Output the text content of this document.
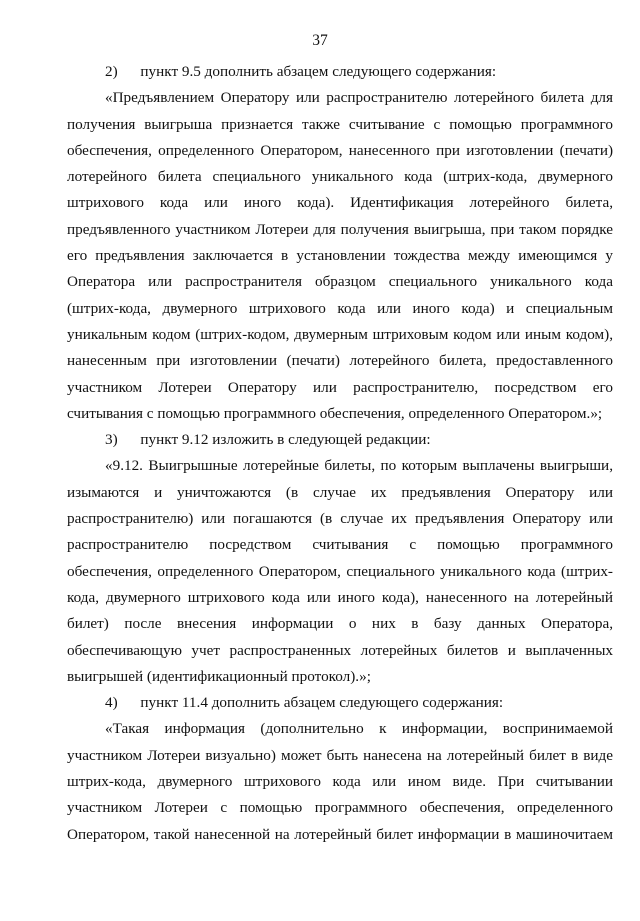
37

2)      пункт 9.5 дополнить абзацем следующего содержания:

«Предъявлением Оператору или распространителю лотерейного билета для получения выигрыша признается также считывание с помощью программного обеспечения, определенного Оператором, нанесенного при изготовлении (печати) лотерейного билета специального уникального кода (штрих-кода, двумерного штрихового кода или иного кода). Идентификация лотерейного билета, предъявленного участником Лотереи для получения выигрыша, при таком порядке его предъявления заключается в установлении тождества между имеющимся у Оператора или распространителя образцом специального уникального кода (штрих-кода, двумерного штрихового кода или иного кода) и специальным уникальным кодом (штрих-кодом, двумерным штриховым кодом или иным кодом), нанесенным при изготовлении (печати) лотерейного билета, предоставленного участником Лотереи Оператору или распространителю, посредством его считывания с помощью программного обеспечения, определенного Оператором.»;

3)      пункт 9.12 изложить в следующей редакции:

«9.12. Выигрышные лотерейные билеты, по которым выплачены выигрыши, изымаются и уничтожаются (в случае их предъявления Оператору или распространителю) или погашаются (в случае их предъявления Оператору или распространителю посредством считывания с помощью программного обеспечения, определенного Оператором, специального уникального кода (штрих-кода, двумерного штрихового кода или иного кода), нанесенного на лотерейный билет) после внесения информации о них в базу данных Оператора, обеспечивающую учет распространенных лотерейных билетов и выплаченных выигрышей (идентификационный протокол).»;

4)      пункт 11.4 дополнить абзацем следующего содержания:

«Такая информация (дополнительно к информации, воспринимаемой участником Лотереи визуально) может быть нанесена на лотерейный билет в виде штрих-кода, двумерного штрихового кода или ином виде. При считывании участником Лотереи с помощью программного обеспечения, определенного Оператором, такой нанесенной на лотерейный билет информации в машиночитаем
